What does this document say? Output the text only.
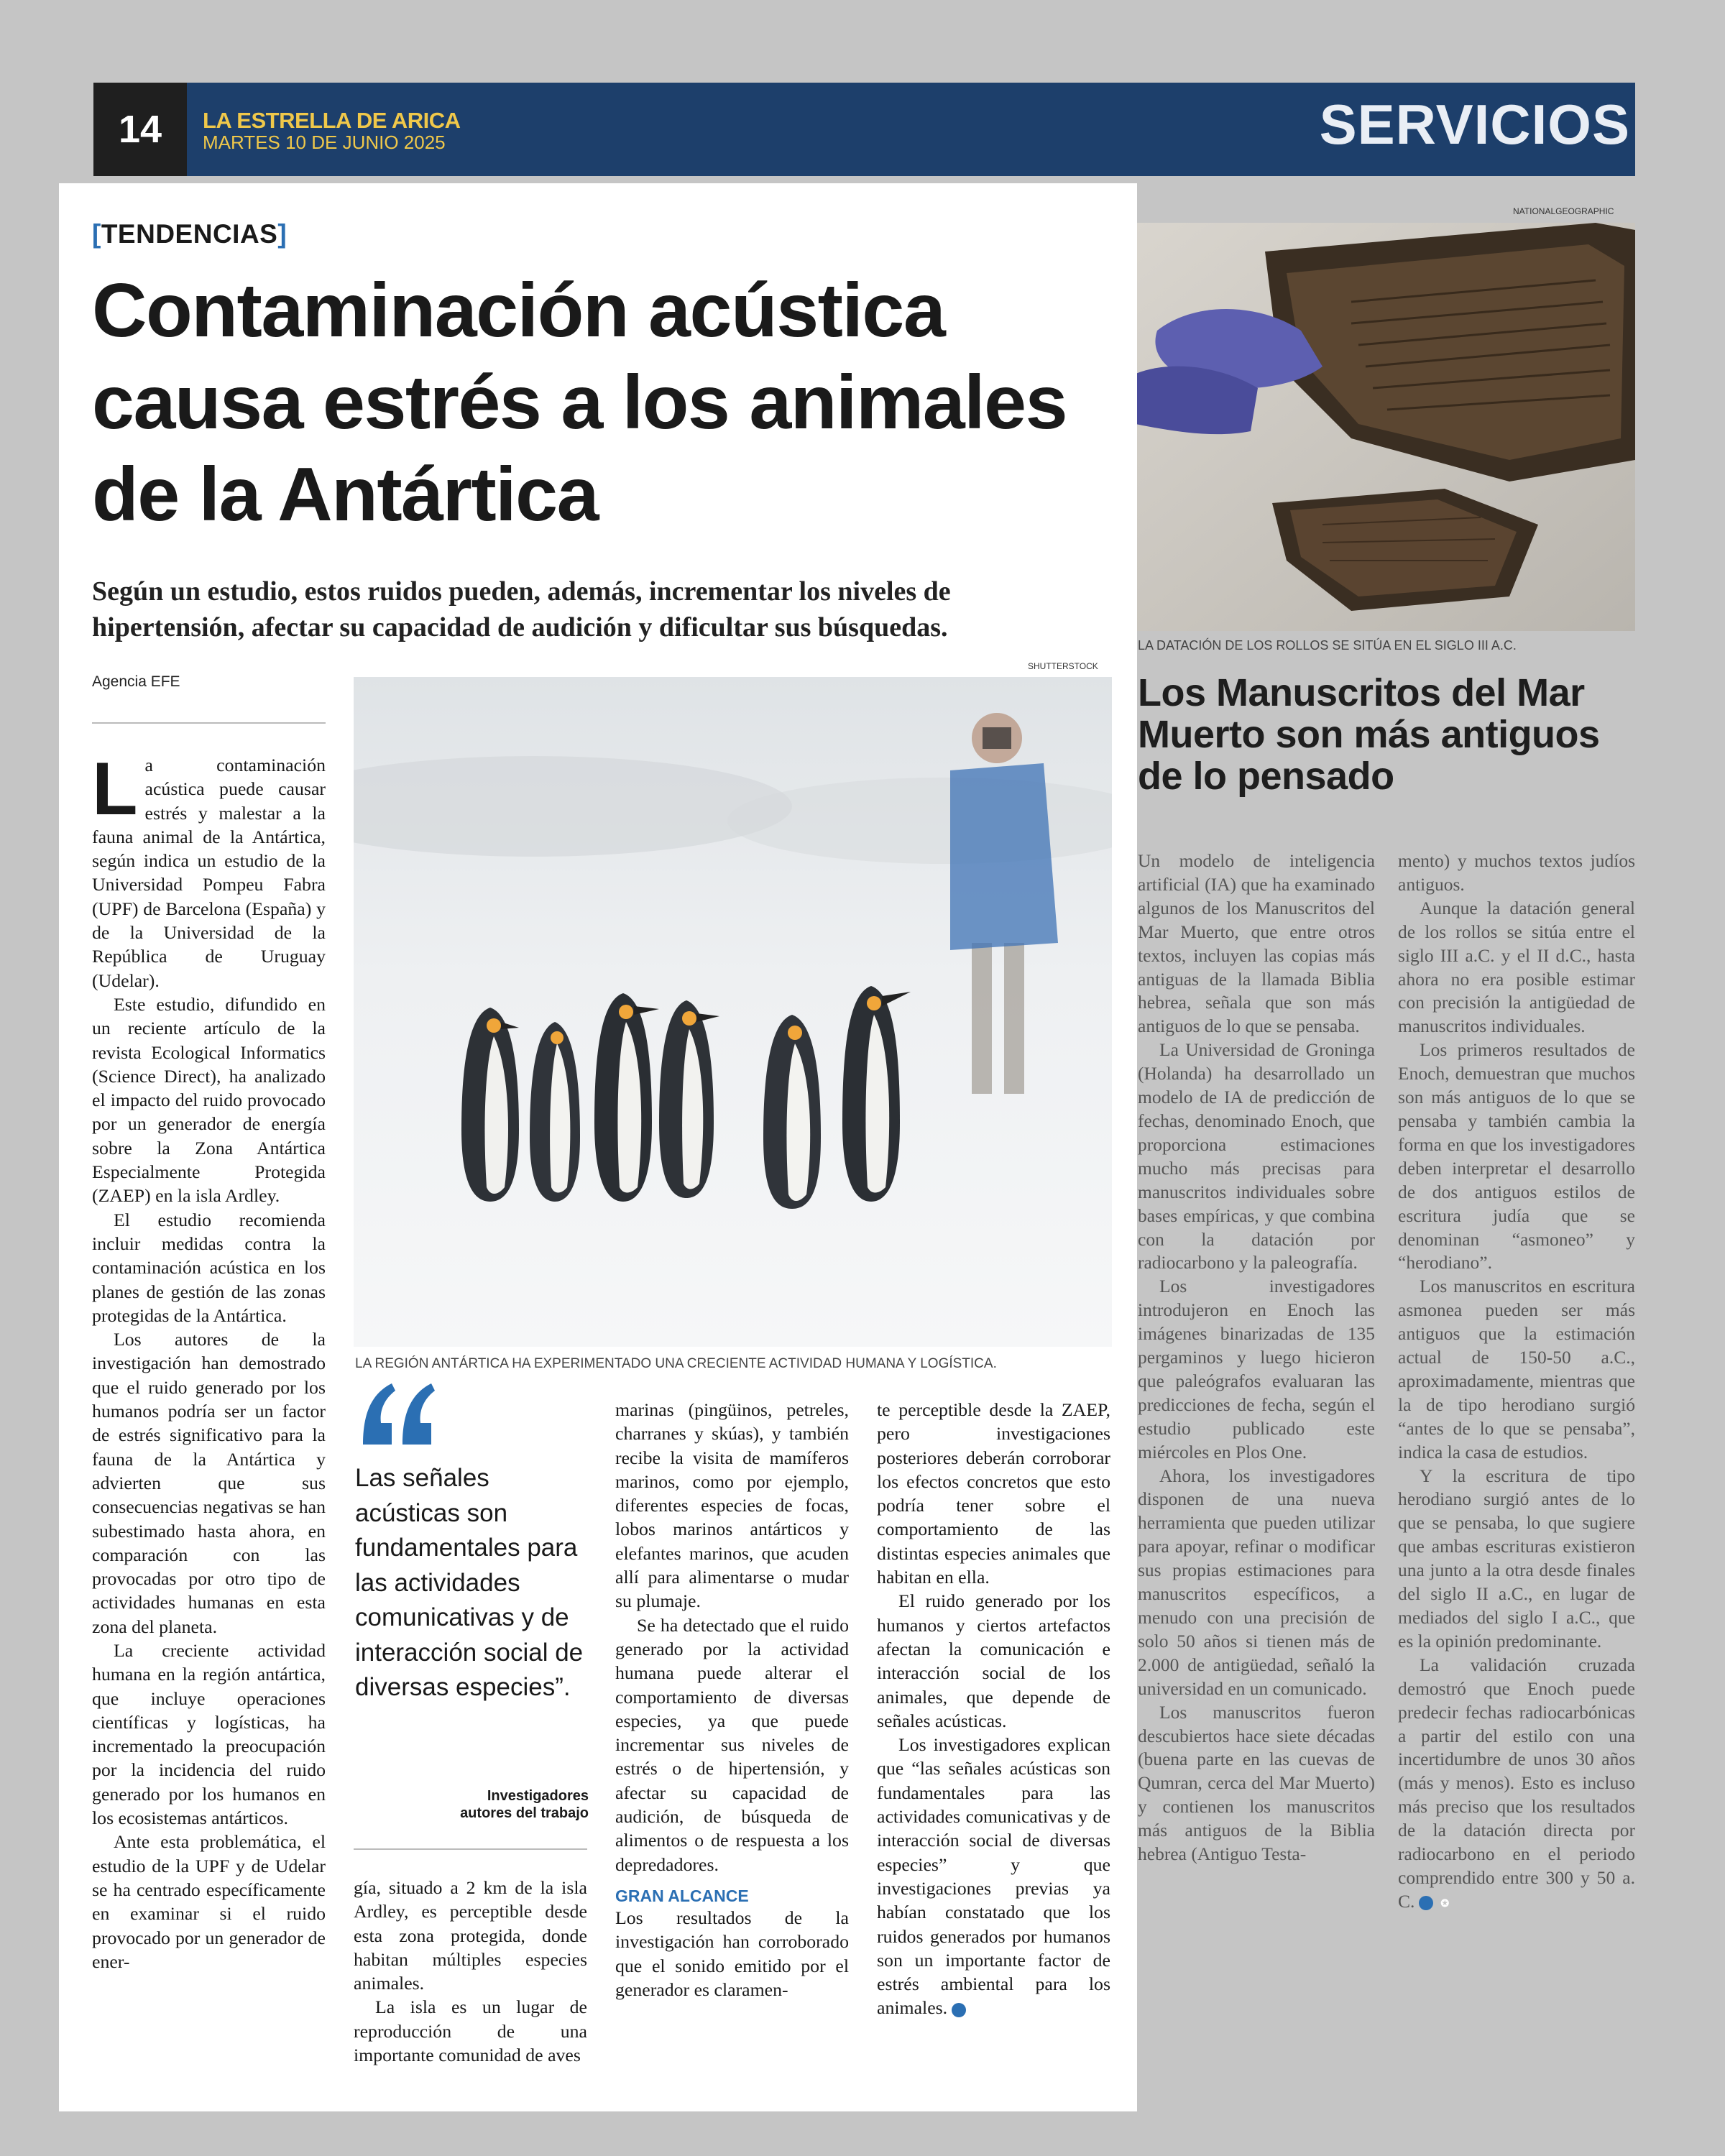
14	LA ESTRELLA DE ARICA
MARTES 10 DE JUNIO 2025	SERVICIOS
NATIONALGEOGRAPHIC
LA DATACIÓN DE LOS ROLLOS SE SITÚA EN EL SIGLO III A.C.
Los Manuscritos del Mar Muerto son más antiguos de lo pensado

Un modelo de inteligencia artificial (IA) que ha examinado algunos de los Manuscritos del Mar Muerto, que entre otros textos, incluyen las copias más antiguas de la llamada Biblia hebrea, señala que son más antiguos de lo que se pensaba.

La Universidad de Groninga (Holanda) ha desarrollado un modelo de IA de predicción de fechas, denominado Enoch, que proporciona estimaciones mucho más precisas para manuscritos individuales sobre bases empíricas, y que combina con la datación por radiocarbono y la paleografía.

Los investigadores introdujeron en Enoch las imágenes binarizadas de 135 pergaminos y luego hicieron que paleógrafos evaluaran las predicciones de fecha, según el estudio publicado este miércoles en Plos One.

Ahora, los investigadores disponen de una nueva herramienta que pueden utilizar para apoyar, refinar o modificar sus propias estimaciones para manuscritos específicos, a menudo con una precisión de solo 50 años si tienen más de 2.000 de antigüedad, señaló la universidad en un comunicado.

Los manuscritos fueron descubiertos hace siete décadas (buena parte en las cuevas de Qumran, cerca del Mar Muerto) y contienen los manuscritos más antiguos de la Biblia hebrea (Antiguo Testa-

mento) y muchos textos judíos antiguos.

Aunque la datación general de los rollos se sitúa entre el siglo III a.C. y el II d.C., hasta ahora no era posible estimar con precisión la antigüedad de manuscritos individuales.

Los primeros resultados de Enoch, demuestran que muchos son más antiguos de lo que se pensaba y también cambia la forma en que los investigadores deben interpretar el desarrollo de dos antiguos estilos de escritura judía que se denominan “asmoneo” y “herodiano”.

Los manuscritos en escritura asmonea pueden ser más antiguos que la estimación actual de 150-50 a.C., aproximadamente, mientras que la de tipo herodiano surgió “antes de lo que se pensaba”, indica la casa de estudios.

Y la escritura de tipo herodiano surgió antes de lo que se pensaba, lo que sugiere que ambas escrituras existieron una junto a la otra desde finales del siglo II a.C., en lugar de mediados del siglo I a.C., que es la opinión predominante.

La validación cruzada demostró que Enoch puede predecir fechas radiocarbónicas a partir del estilo con una incertidumbre de unos 30 años (más y menos). Esto es incluso más preciso que los resultados de la datación directa por radiocarbono en el periodo comprendido entre 300 y 50 a. C.	✪

[TENDENCIAS]
Contaminación acústica causa estrés a los animales de la Antártica
Según un estudio, estos ruidos pueden, además, incrementar los niveles de hipertensión, afectar su capacidad de audición y dificultar sus búsquedas.
Agencia EFE
SHUTTERSTOCK
LA REGIÓN ANTÁRTICA HA EXPERIMENTADO UNA CRECIENTE ACTIVIDAD HUMANA Y LOGÍSTICA.

La contaminación acústica puede causar estrés y malestar a la fauna animal de la Antártica, según indica un estudio de la Universidad Pompeu Fabra (UPF) de Barcelona (España) y de la Universidad de la República de Uruguay (Udelar).

Este estudio, difundido en un reciente artículo de la revista Ecological Informatics (Science Direct), ha analizado el impacto del ruido provocado por un generador de energía sobre la Zona Antártica Especialmente Protegida (ZAEP) en la isla Ardley.

El estudio recomienda incluir medidas contra la contaminación acústica en los planes de gestión de las zonas protegidas de la Antártica.

Los autores de la investigación han demostrado que el ruido generado por los humanos podría ser un factor de estrés significativo para la fauna de la Antártica y advierten que sus consecuencias negativas se han subestimado hasta ahora, en comparación con las provocadas por otro tipo de actividades humanas en esta zona del planeta.

La creciente actividad humana en la región antártica, que incluye operaciones científicas y logísticas, ha incrementado la preocupación por la incidencia del ruido generado por los humanos en los ecosistemas antárticos.

Ante esta problemática, el estudio de la UPF y de Udelar se ha centrado específicamente en examinar si el ruido provocado por un generador de ener-

Las señales acústicas son fundamentales para las actividades comunicativas y de interacción social de diversas especies”.
Investigadores
autores del trabajo

gía, situado a 2 km de la isla Ardley, es perceptible desde esta zona protegida, donde habitan múltiples especies animales.

La isla es un lugar de reproducción de una importante comunidad de aves

marinas (pingüinos, petreles, charranes y skúas), y también recibe la visita de mamíferos marinos, como por ejemplo, diferentes especies de focas, lobos marinos antárticos y elefantes marinos, que acuden allí para alimentarse o mudar su plumaje.

Se ha detectado que el ruido generado por la actividad humana puede alterar el comportamiento de diversas especies, ya que puede incrementar sus niveles de estrés o de hipertensión, y afectar su capacidad de audición, de búsqueda de alimentos o de respuesta a los depredadores.

GRAN ALCANCE

Los resultados de la investigación han corroborado que el sonido emitido por el generador es claramen-

te perceptible desde la ZAEP, pero investigaciones posteriores deberán corroborar los efectos concretos que esto podría tener sobre el comportamiento de las distintas especies animales que habitan en ella.

El ruido generado por los humanos y ciertos artefactos afectan la comunicación e interacción social de los animales, que depende de señales acústicas.

Los investigadores explican que “las señales acústicas son fundamentales para las actividades comunicativas y de interacción social de diversas especies” y que investigaciones previas ya habían constatado que los ruidos generados por humanos son un importante factor de estrés ambiental para los animales.	✪
